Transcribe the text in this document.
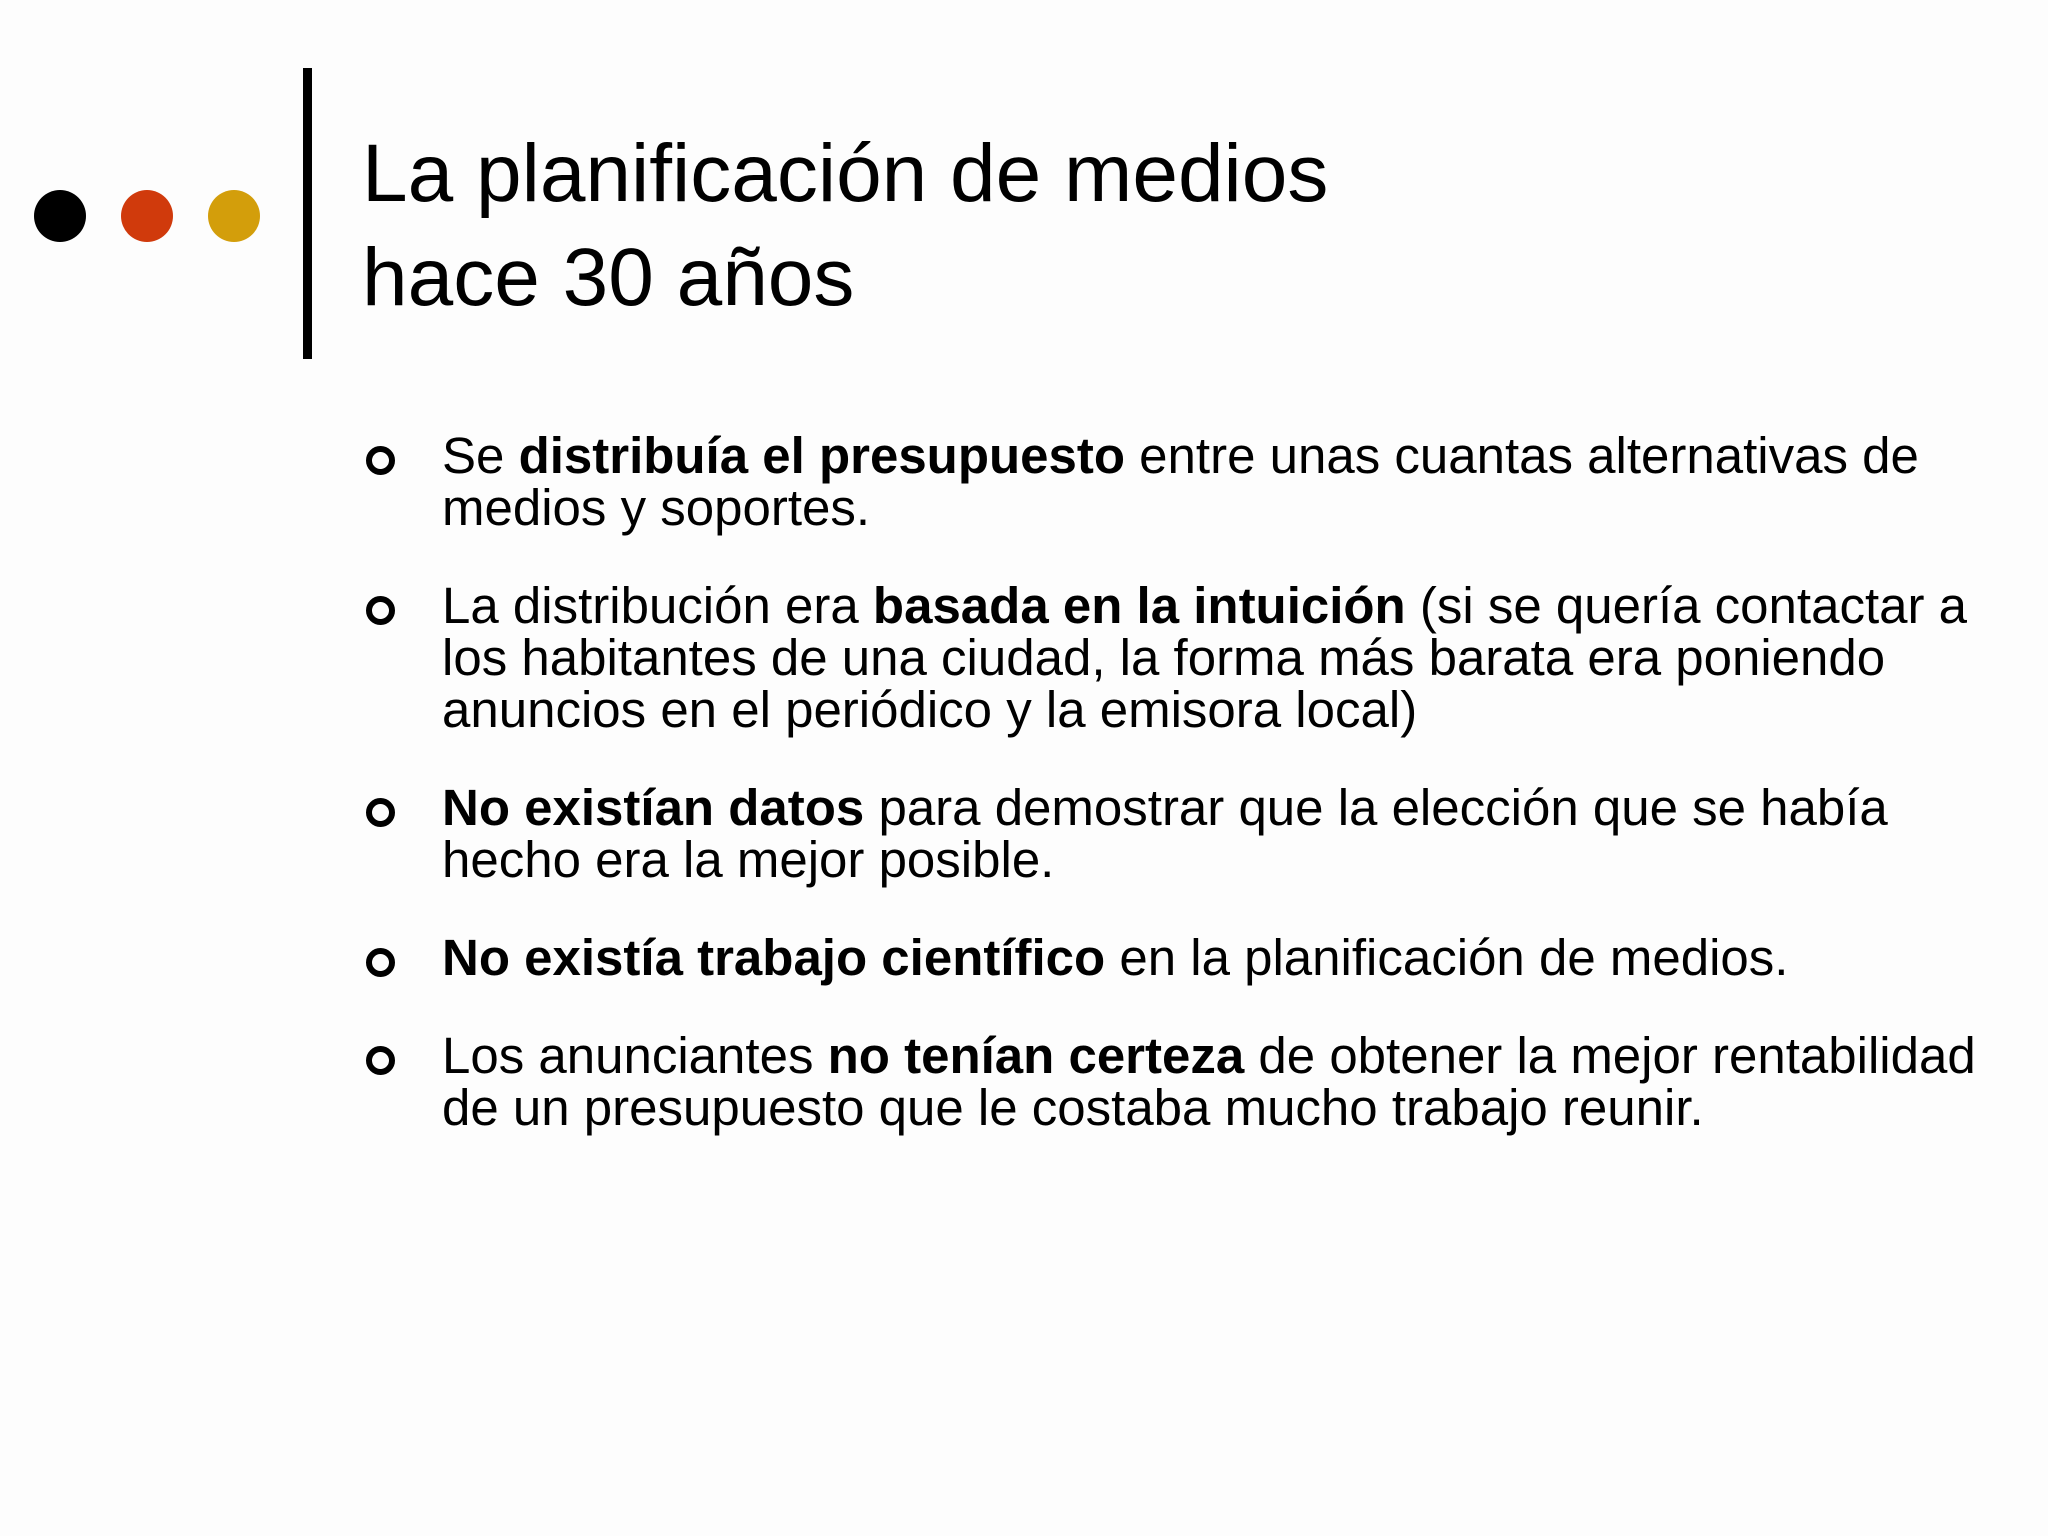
La planificación de medios
hace 30 años
Se distribuía el presupuesto entre unas cuantas alternativas de medios y soportes.
La distribución era basada en la intuición (si se quería contactar a los habitantes de una ciudad, la forma más barata era poniendo anuncios en el periódico y la emisora local)
No existían datos para demostrar que la elección que se había hecho era la mejor posible.
No existía trabajo científico en la planificación de medios.
Los anunciantes no tenían certeza de obtener la mejor rentabilidad de un presupuesto que le costaba mucho trabajo reunir.
